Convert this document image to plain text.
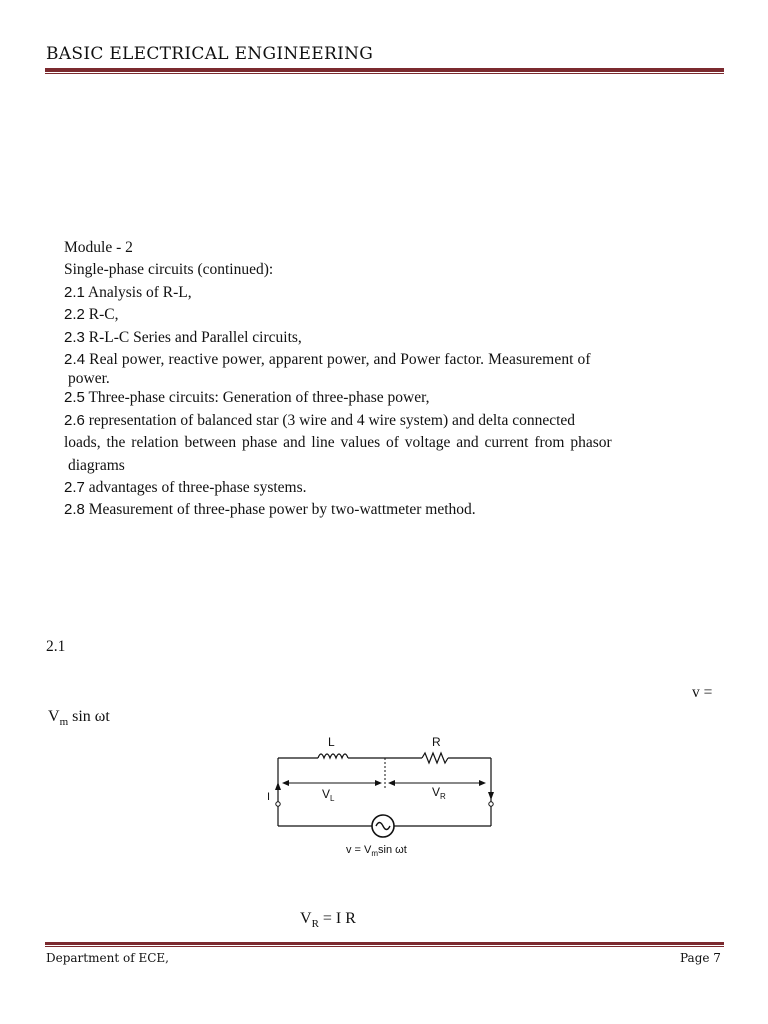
BASIC ELECTRICAL ENGINEERING
Module - 2
Single-phase circuits (continued):
2.1 Analysis of R-L,
2.2 R-C,
2.3 R-L-C Series and Parallel circuits,
2.4 Real power, reactive power, apparent power, and Power factor. Measurement of
power.
2.5 Three-phase circuits: Generation of three-phase power,
2.6 representation of balanced star (3 wire and 4 wire system) and delta connected
loads, the relation between phase and line values of voltage and current from phasor
diagrams
2.7 advantages of three-phase systems.
2.8 Measurement of three-phase power by two-wattmeter method.
2.1
v =
$V_m$ sin ωt
L	R
$V_L$	$V_R$
I
$v = V_m\sin$ ωt
$V_R = I$ R
Department of ECE,	Page 7
